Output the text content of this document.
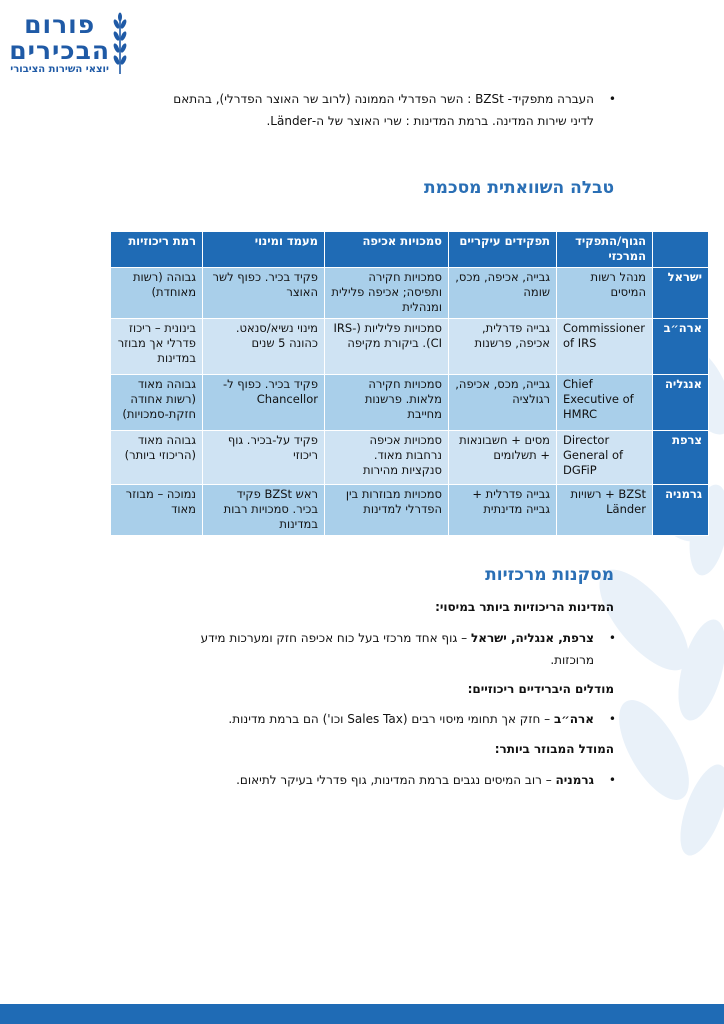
פורום
הבכירים
יוצאי השירות הציבורי
•
העברה מתפקיד- BZSt : השר הפדרלי הממונה (לרוב שר האוצר הפדרלי), בהתאם
לדיני שירות המדינה. ברמת המדינות : שרי האוצר של ה-Länder.
טבלה השוואתית מסכמת
	הגוף/התפקיד המרכזי	תפקידים עיקריים	סמכויות אכיפה	מעמד ומינוי	רמת ריכוזיות
ישראל	מנהל רשות המיסים	גבייה, אכיפה, מכס, שומה	סמכויות חקירה ותפיסה; אכיפה פלילית ומנהלית	פקיד בכיר. כפוף לשר האוצר	גבוהה (רשות מאוחדת)
ארה״ב	Commissioner of IRS	גבייה פדרלית, אכיפה, פרשנות	סמכויות פליליות (IRS-CI). ביקורת מקיפה	מינוי נשיא/סנאט. כהונה 5 שנים	בינונית – ריכוז פדרלי אך מבוזר במדינות
אנגליה	Chief Executive of HMRC	גבייה, מכס, אכיפה, רגולציה	סמכויות חקירה מלאות. פרשנות מחייבת	פקיד בכיר. כפוף ל-Chancellor	גבוהה מאוד (רשות אחודה חזקת-סמכויות)
צרפת	Director General of DGFiP	מסים + חשבונאות + תשלומים	סמכויות אכיפה נרחבות מאוד. סנקציות מהירות	פקיד על-בכיר. גוף ריכוזי	גבוהה מאוד (הריכוזי ביותר)
גרמניה	BZSt + רשויות Länder	גבייה פדרלית + גבייה מדינתית	סמכויות מבוזרות בין הפדרלי למדינות	ראש BZSt פקיד בכיר. סמכויות רבות במדינות	נמוכה – מבוזר מאוד
מסקנות מרכזיות
המדינות הריכוזיות ביותר במיסוי:
•
צרפת, אנגליה, ישראל – גוף אחד מרכזי בעל כוח אכיפה חזק ומערכות מידע
מרוכזות.
מודלים היברידיים ריכוזיים:
•
ארה״ב – חזק אך תחומי מיסוי רבים (Sales Tax וכו') הם ברמת מדינות.
המודל המבוזר ביותר:
•
גרמניה – רוב המיסים נגבים ברמת המדינות, גוף פדרלי בעיקר לתיאום.
